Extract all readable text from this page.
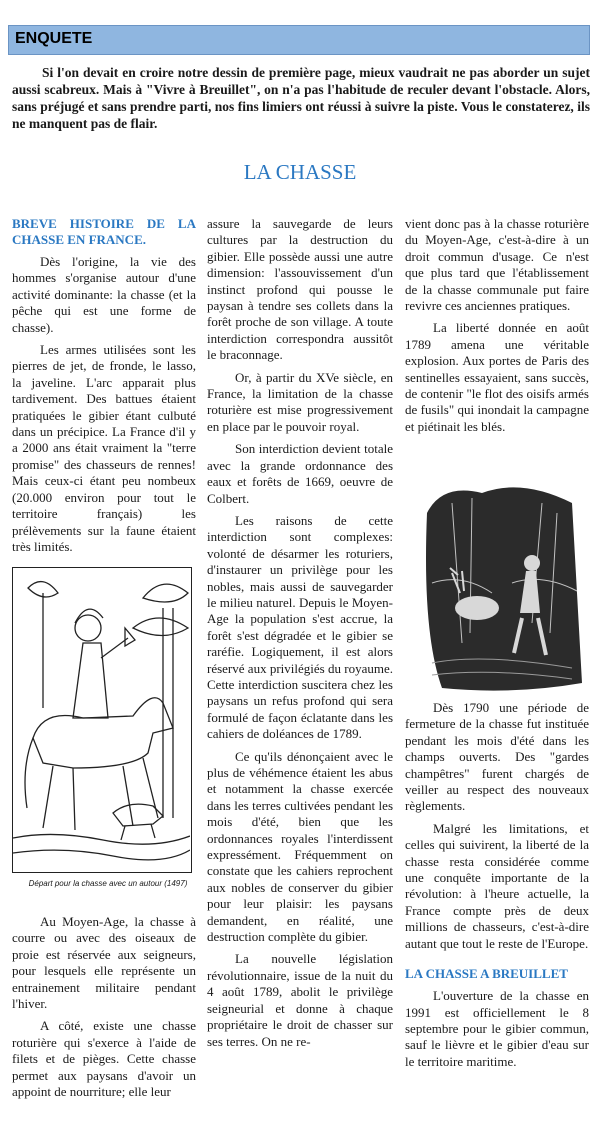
ENQUETE

Si l'on devait en croire notre dessin de première page, mieux vaudrait ne pas aborder un sujet aussi scabreux. Mais à "Vivre à Breuillet", on n'a pas l'habitude de reculer devant l'obstacle. Alors, sans préjugé et sans prendre parti, nos fins limiers ont réussi à suivre la piste. Vous le constaterez, ils ne manquent pas de flair.

LA CHASSE

BREVE HISTOIRE DE LA CHASSE EN FRANCE.

Dès l'origine, la vie des hommes s'organise autour d'une activité dominante: la chasse (et la pêche qui est une forme de chasse).

Les armes utilisées sont les pierres de jet, de fronde, le lasso, la javeline. L'arc apparait plus tardivement. Des battues étaient pratiquées le gibier étant culbuté dans un précipice. La France d'il y a 2000 ans était vraiment la "terre promise" des chasseurs de rennes! Mais ceux-ci étant peu nombeux (20.000 environ pour tout le territoire français) les prélèvements sur la faune étaient très limités.

Départ pour la chasse avec un autour (1497)

Au Moyen-Age, la chasse à courre ou avec des oiseaux de proie est réservée aux seigneurs, pour lesquels elle représente un entrainement militaire pendant l'hiver.

A côté, existe une chasse roturière qui s'exerce à l'aide de filets et de pièges. Cette chasse permet aux paysans d'avoir un appoint de nourriture; elle leur

assure la sauvegarde de leurs cultures par la destruction du gibier. Elle possède aussi une autre dimension: l'assouvissement d'un instinct profond qui pousse le paysan à tendre ses collets dans la forêt proche de son village. A toute interdiction correspondra aussitôt le braconnage.

Or, à partir du XVe siècle, en France, la limitation de la chasse roturière est mise progressivement en place par le pouvoir royal.

Son interdiction devient totale avec la grande ordonnance des eaux et forêts de 1669, oeuvre de Colbert.

Les raisons de cette interdiction sont complexes: volonté de désarmer les roturiers, d'instaurer un privilège pour les nobles, mais aussi de sauvegarder le milieu naturel. Depuis le Moyen-Age la population s'est accrue, la forêt s'est dégradée et le gibier se raréfie. Logiquement, il est alors réservé aux privilégiés du royaume. Cette interdiction suscitera chez les paysans un refus profond qui sera formulé de façon éclatante dans les cahiers de doléances de 1789.

Ce qu'ils dénonçaient avec le plus de véhémence étaient les abus et notamment la chasse exercée dans les terres cultivées pendant les mois d'été, bien que les ordonnances royales l'interdissent expressément. Fréquemment on constate que les cahiers reprochent aux nobles de conserver du gibier pour leur plaisir: les paysans demandent, en réalité, une destruction complète du gibier.

La nouvelle législation révolutionnaire, issue de la nuit du 4 août 1789, abolit le privilège seigneurial et donne à chaque propriétaire le droit de chasser sur ses terres. On ne re-

vient donc pas à la chasse roturière du Moyen-Age, c'est-à-dire à un droit commun d'usage. Ce n'est que plus tard que l'établissement de la chasse communale put faire revivre ces anciennes pratiques.

La liberté donnée en août 1789 amena une véritable explosion. Aux portes de Paris des sentinelles essayaient, sans succès, de contenir "le flot des oisifs armés de fusils" qui inondait la campagne et piétinait les blés.

Dès 1790 une période de fermeture de la chasse fut instituée pendant les mois d'été dans les champs ouverts. Des "gardes champêtres" furent chargés de veiller au respect des nouveaux règlements.

Malgré les limitations, et celles qui suivirent, la liberté de la chasse resta considérée comme une conquête importante de la révolution: à l'heure actuelle, la France compte près de deux millions de chasseurs, c'est-à-dire autant que tout le reste de l'Europe.

LA CHASSE A BREUILLET

L'ouverture de la chasse en 1991 est officiellement le 8 septembre pour le gibier commun, sauf le lièvre et le gibier d'eau sur le territoire maritime.
